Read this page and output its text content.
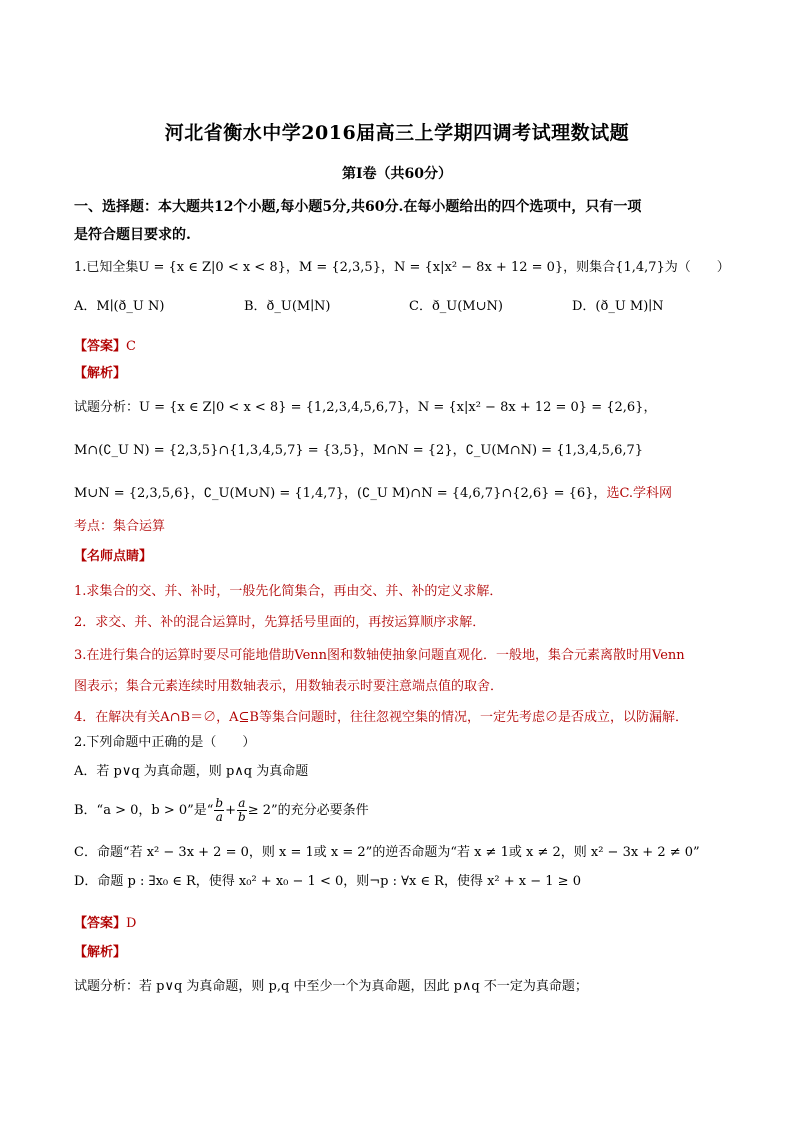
河北省衡水中学2016届高三上学期四调考试理数试题
第Ⅰ卷（共60分）
一、选择题：本大题共12个小题,每小题5分,共60分.在每小题给出的四个选项中，只有一项
是符合题目要求的.
1.已知全集U = {x ∈ Z|0 < x < 8}，M = {2,3,5}，N = {x|x² − 8x + 12 = 0}，则集合{1,4,7}为（　　）
A．M∣(ð_U N)	B．ð_U(M∣N)	C．ð_U(M∪N)	D．(ð_U M)∣N
【答案】C
【解析】
试题分析：U = {x ∈ Z|0 < x < 8} = {1,2,3,4,5,6,7}，N = {x|x² − 8x + 12 = 0} = {2,6}，
M∩(∁_U N) = {2,3,5}∩{1,3,4,5,7} = {3,5}，M∩N = {2}，∁_U(M∩N) = {1,3,4,5,6,7}
M∪N = {2,3,5,6}，∁_U(M∪N) = {1,4,7}，(∁_U M)∩N = {4,6,7}∩{2,6} = {6}，选C.学科网
考点：集合运算
【名师点睛】
1.求集合的交、并、补时，一般先化简集合，再由交、并、补的定义求解．
2．求交、并、补的混合运算时，先算括号里面的，再按运算顺序求解．
3.在进行集合的运算时要尽可能地借助Venn图和数轴使抽象问题直观化．一般地，集合元素离散时用Venn
图表示；集合元素连续时用数轴表示，用数轴表示时要注意端点值的取舍．
4．在解决有关A∩B＝∅，A⊆B等集合问题时，往往忽视空集的情况，一定先考虑∅是否成立，以防漏解．
2.下列命题中正确的是（　　）
A．若 p∨q 为真命题，则 p∧q 为真命题
B．“a > 0，b > 0”是“ $\frac{b}{a} + \frac{a}{b} \ge 2$”的充分必要条件
C．命题“若 x² − 3x + 2 = 0，则 x = 1或 x = 2”的逆否命题为“若 x ≠ 1或 x ≠ 2，则 x² − 3x + 2 ≠ 0”
D．命题 p : ∃x₀ ∈ R，使得 x₀² + x₀ − 1 < 0，则¬p : ∀x ∈ R，使得 x² + x − 1 ≥ 0
【答案】D
【解析】
试题分析：若 p∨q 为真命题，则 p,q 中至少一个为真命题，因此 p∧q 不一定为真命题；
